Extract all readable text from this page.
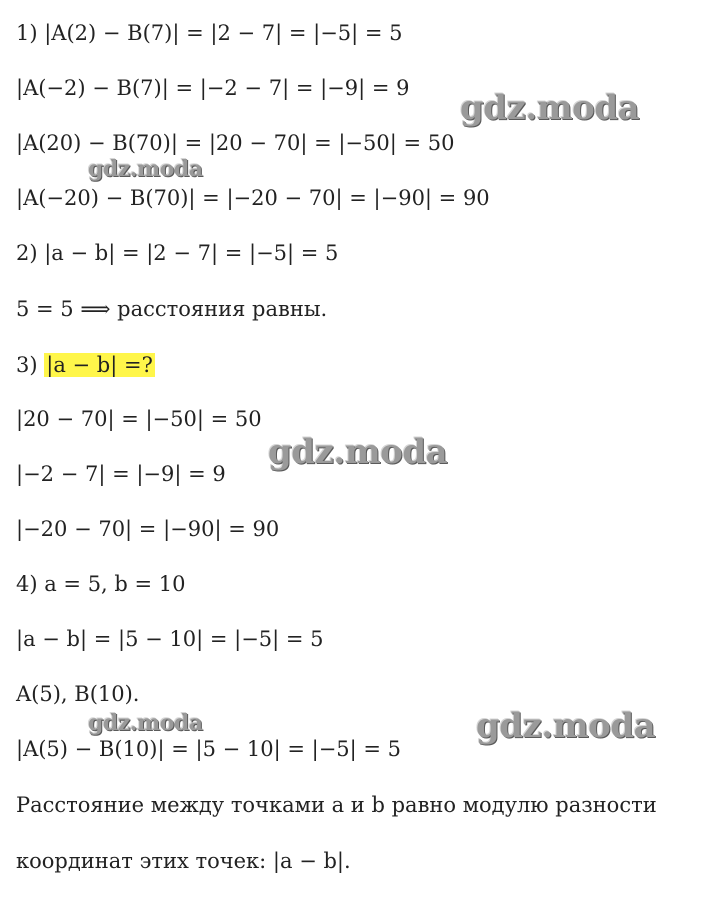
1) |A(2) − B(7)| = |2 − 7| = |−5| = 5
|A(−2) − B(7)| = |−2 − 7| = |−9| = 9
|A(20) − B(70)| = |20 − 70| = |−50| = 50
|A(−20) − B(70)| = |−20 − 70| = |−90| = 90
2) |a − b| = |2 − 7| = |−5| = 5
5 = 5 ⟹ расстояния равны.
3) |a − b| =?
|20 − 70| = |−50| = 50
|−2 − 7| = |−9| = 9
|−20 − 70| = |−90| = 90
4) a = 5, b = 10
|a − b| = |5 − 10| = |−5| = 5
A(5), B(10).
|A(5) − B(10)| = |5 − 10| = |−5| = 5
Расстояние между точками a и b равно модулю разности
координат этих точек: |a − b|.
gdz.moda
gdz.moda
gdz.moda
gdz.moda	gdz.moda
